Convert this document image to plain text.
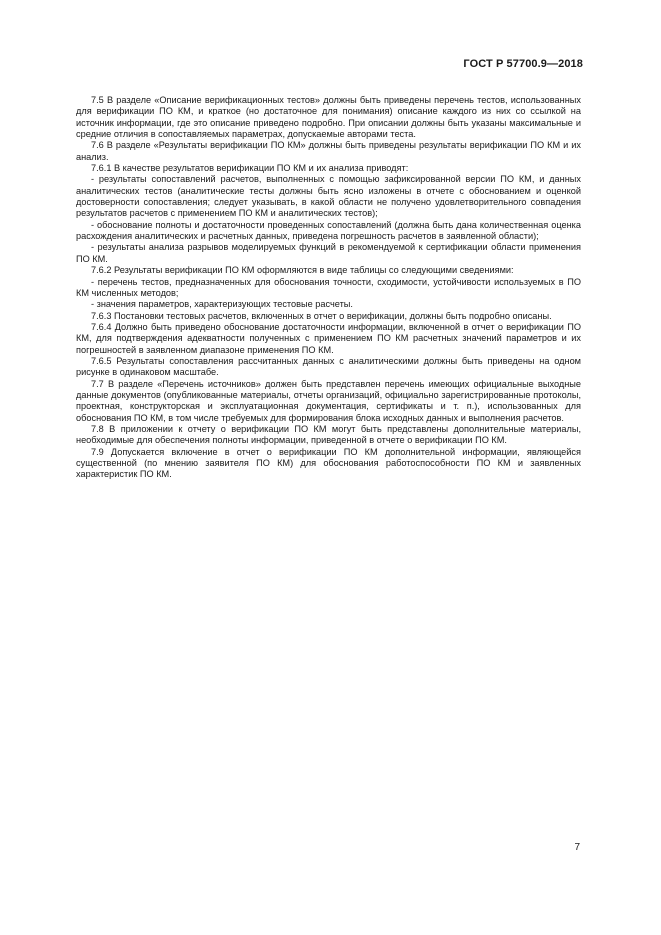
ГОСТ Р 57700.9—2018

7.5 В разделе «Описание верификационных тестов» должны быть приведены перечень тестов, использованных для верификации ПО КМ, и краткое (но достаточное для понимания) описание каждого из них со ссылкой на источник информации, где это описание приведено подробно. При описании должны быть указаны максимальные и средние отличия в сопоставляемых параметрах, допускаемые авторами теста.

7.6 В разделе «Результаты верификации ПО КМ» должны быть приведены результаты верификации ПО КМ и их анализ.

7.6.1 В качестве результатов верификации ПО КМ и их анализа приводят:

- результаты сопоставлений расчетов, выполненных с помощью зафиксированной версии ПО КМ, и данных аналитических тестов (аналитические тесты должны быть ясно изложены в отчете с обоснованием и оценкой достоверности сопоставления; следует указывать, в какой области не получено удовлетворительного совпадения результатов расчетов с применением ПО КМ и аналитических тестов);

- обоснование полноты и достаточности проведенных сопоставлений (должна быть дана количественная оценка расхождения аналитических и расчетных данных, приведена погрешность расчетов в заявленной области);

- результаты анализа разрывов моделируемых функций в рекомендуемой к сертификации области применения ПО КМ.

7.6.2 Результаты верификации ПО КМ оформляются в виде таблицы со следующими сведениями:

- перечень тестов, предназначенных для обоснования точности, сходимости, устойчивости используемых в ПО КМ численных методов;

- значения параметров, характеризующих тестовые расчеты.

7.6.3 Постановки тестовых расчетов, включенных в отчет о верификации, должны быть подробно описаны.

7.6.4 Должно быть приведено обоснование достаточности информации, включенной в отчет о верификации ПО КМ, для подтверждения адекватности полученных с применением ПО КМ расчетных значений параметров и их погрешностей в заявленном диапазоне применения ПО КМ.

7.6.5 Результаты сопоставления рассчитанных данных с аналитическими должны быть приведены на одном рисунке в одинаковом масштабе.

7.7 В разделе «Перечень источников» должен быть представлен перечень имеющих официальные выходные данные документов (опубликованные материалы, отчеты организаций, официально зарегистрированные протоколы, проектная, конструкторская и эксплуатационная документация, сертификаты и т. п.), использованных для обоснования ПО КМ, в том числе требуемых для формирования блока исходных данных и выполнения расчетов.

7.8 В приложении к отчету о верификации ПО КМ могут быть представлены дополнительные материалы, необходимые для обеспечения полноты информации, приведенной в отчете о верификации ПО КМ.

7.9 Допускается включение в отчет о верификации ПО КМ дополнительной информации, являющейся существенной (по мнению заявителя ПО КМ) для обоснования работоспособности ПО КМ и заявленных характеристик ПО КМ.

7
